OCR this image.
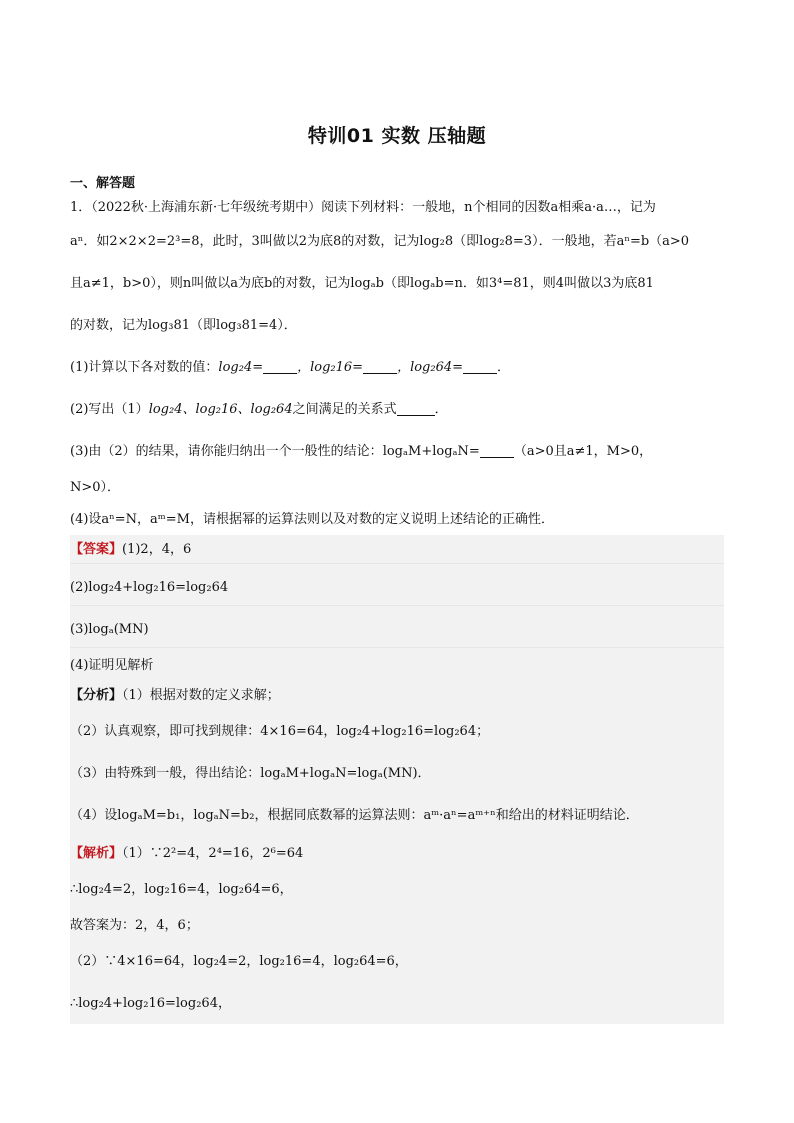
特训01 实数 压轴题
一、解答题
1．（2022秋·上海浦东新·七年级统考期中）阅读下列材料：一般地，n个相同的因数a相乘a·a…，记为
aⁿ．如2×2×2=2³=8，此时，3叫做以2为底8的对数，记为log₂8（即log₂8=3）．一般地，若aⁿ=b（a>0
且a≠1，b>0），则n叫做以a为底b的对数，记为logₐb（即logₐb=n．如3⁴=81，则4叫做以3为底81
的对数，记为log₃81（即log₃81=4）．
(1)计算以下各对数的值：log₂4=	，log₂16=	，log₂64=	．
(2)写出（1）log₂4、log₂16、log₂64之间满足的关系式	．
(3)由（2）的结果，请你能归纳出一个一般性的结论：logₐM+logₐN=	（a>0且a≠1，M>0，
N>0）．
(4)设aⁿ=N，aᵐ=M，请根据幂的运算法则以及对数的定义说明上述结论的正确性．
【答案】(1)2，4，6
(2)log₂4+log₂16=log₂64
(3)logₐ(MN)
(4)证明见解析
【分析】（1）根据对数的定义求解；
（2）认真观察，即可找到规律：4×16=64，log₂4+log₂16=log₂64；
（3）由特殊到一般，得出结论：logₐM+logₐN=logₐ(MN)．
（4）设logₐM=b₁，logₐN=b₂，根据同底数幂的运算法则：aᵐ·aⁿ=aᵐ⁺ⁿ和给出的材料证明结论．
【解析】（1）∵2²=4，2⁴=16，2⁶=64
∴log₂4=2，log₂16=4，log₂64=6，
故答案为：2，4，6；
（2）∵4×16=64，log₂4=2，log₂16=4，log₂64=6，
∴log₂4+log₂16=log₂64，
